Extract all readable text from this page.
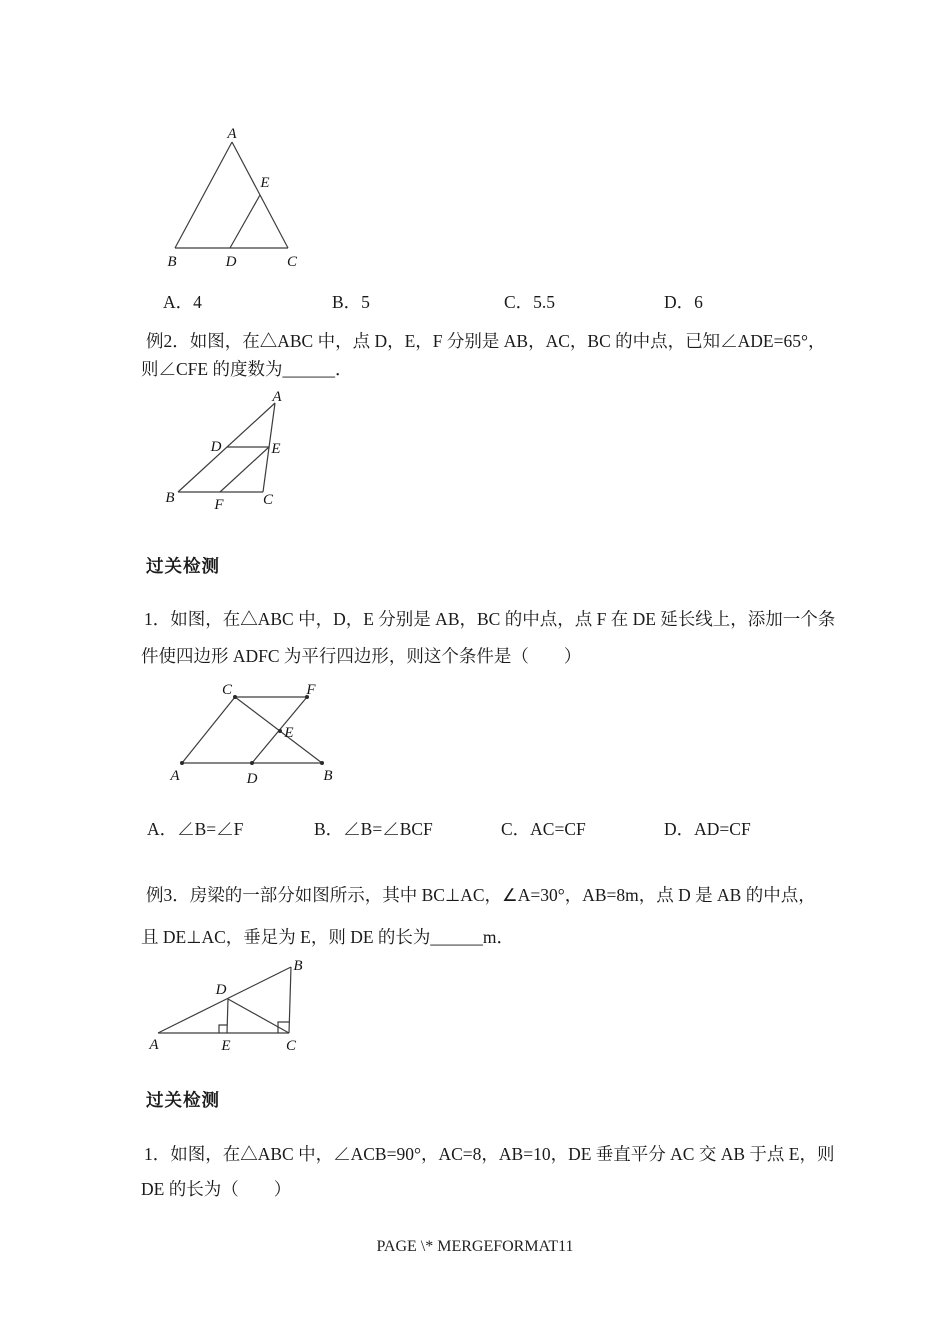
A
B	C
D
E
A．4	B．5	C．5.5	D．6
例2．如图，在△ABC 中，点 D，E，F 分别是 AB，AC，BC 的中点，已知∠ADE=65°，
则∠CFE 的度数为______．
A
B	C
D	E
F
过关检测
1．如图，在△ABC 中，D，E 分别是 AB，BC 的中点，点 F 在 DE 延长线上，添加一个条
件使四边形 ADFC 为平行四边形，则这个条件是（　　）
C	F
E
A	D	B
A．∠B=∠F	B．∠B=∠BCF	C．AC=CF	D．AD=CF
例3．房梁的一部分如图所示，其中 BC⊥AC，∠A=30°，AB=8m，点 D 是 AB 的中点，
且 DE⊥AC，垂足为 E，则 DE 的长为______m．
B
D
A	E	C
过关检测
1．如图，在△ABC 中，∠ACB=90°，AC=8，AB=10，DE 垂直平分 AC 交 AB 于点 E，则
DE 的长为（　　）
PAGE \* MERGEFORMAT11
